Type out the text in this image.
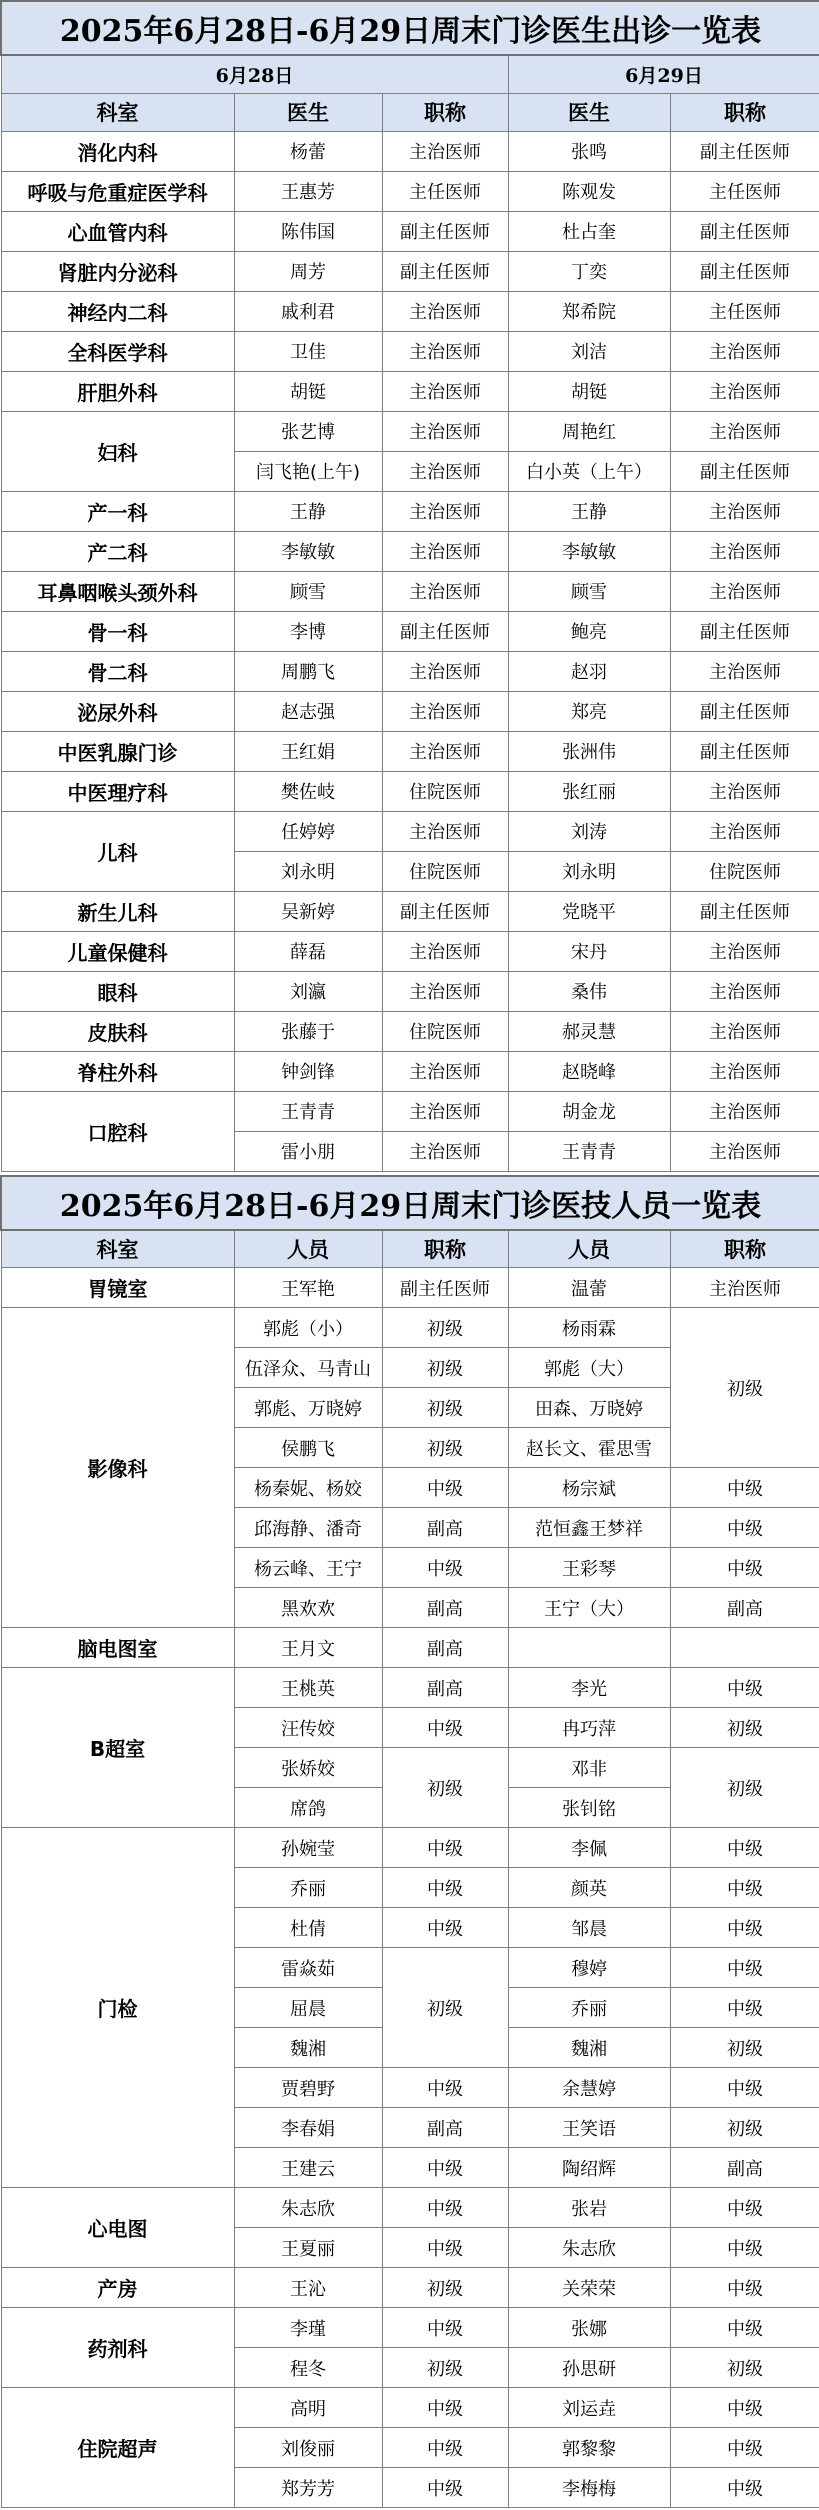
2025年6月28日-6月29日周末门诊医生出诊一览表				
6月28日			6月29日	
科室	医生	职称	医生	职称
消化内科	杨蕾	主治医师	张鸣	副主任医师
呼吸与危重症医学科	王惠芳	主任医师	陈观发	主任医师
心血管内科	陈伟国	副主任医师	杜占奎	副主任医师
肾脏内分泌科	周芳	副主任医师	丁奕	副主任医师
神经内二科	戚利君	主治医师	郑希院	主任医师
全科医学科	卫佳	主治医师	刘洁	主治医师
肝胆外科	胡铤	主治医师	胡铤	主治医师
妇科	张艺博	主治医师	周艳红	主治医师
	闫飞艳(上午)	主治医师	白小英（上午）	副主任医师
产一科	王静	主治医师	王静	主治医师
产二科	李敏敏	主治医师	李敏敏	主治医师
耳鼻咽喉头颈外科	顾雪	主治医师	顾雪	主治医师
骨一科	李博	副主任医师	鲍亮	副主任医师
骨二科	周鹏飞	主治医师	赵羽	主治医师
泌尿外科	赵志强	主治医师	郑亮	副主任医师
中医乳腺门诊	王红娟	主治医师	张洲伟	副主任医师
中医理疗科	樊佐岐	住院医师	张红丽	主治医师
儿科	任婷婷	主治医师	刘涛	主治医师
	刘永明	住院医师	刘永明	住院医师
新生儿科	吴新婷	副主任医师	党晓平	副主任医师
儿童保健科	薛磊	主治医师	宋丹	主治医师
眼科	刘瀛	主治医师	桑伟	主治医师
皮肤科	张藤于	住院医师	郝灵慧	主治医师
脊柱外科	钟剑锋	主治医师	赵晓峰	主治医师
口腔科	王青青	主治医师	胡金龙	主治医师
	雷小朋	主治医师	王青青	主治医师
2025年6月28日-6月29日周末门诊医技人员一览表				
科室	人员	职称	人员	职称
胃镜室	王军艳	副主任医师	温蕾	主治医师
影像科	郭彪（小）	初级	杨雨霖	初级
	伍泽众、马青山	初级	郭彪（大）	
	郭彪、万晓婷	初级	田森、万晓婷	
	侯鹏飞	初级	赵长文、霍思雪	
	杨秦妮、杨姣	中级	杨宗斌	中级
	邱海静、潘奇	副高	范恒鑫王梦祥	中级
	杨云峰、王宁	中级	王彩琴	中级
	黑欢欢	副高	王宁（大）	副高
脑电图室	王月文	副高		
B超室	王桃英	副高	李光	中级
	汪传姣	中级	冉巧萍	初级
	张娇姣	初级	邓非	初级
	席鸽		张钊铭	
门检	孙婉莹	中级	李佩	中级
	乔丽	中级	颜英	中级
	杜倩	中级	邹晨	中级
	雷焱茹	初级	穆婷	中级
	屈晨		乔丽	中级
	魏湘		魏湘	初级
	贾碧野	中级	余慧婷	中级
	李春娟	副高	王笑语	初级
	王建云	中级	陶绍辉	副高
心电图	朱志欣	中级	张岩	中级
	王夏丽	中级	朱志欣	中级
产房	王沁	初级	关荣荣	中级
药剂科	李瑾	中级	张娜	中级
	程冬	初级	孙思研	初级
住院超声	高明	中级	刘运垚	中级
	刘俊丽	中级	郭黎黎	中级
	郑芳芳	中级	李梅梅	中级
